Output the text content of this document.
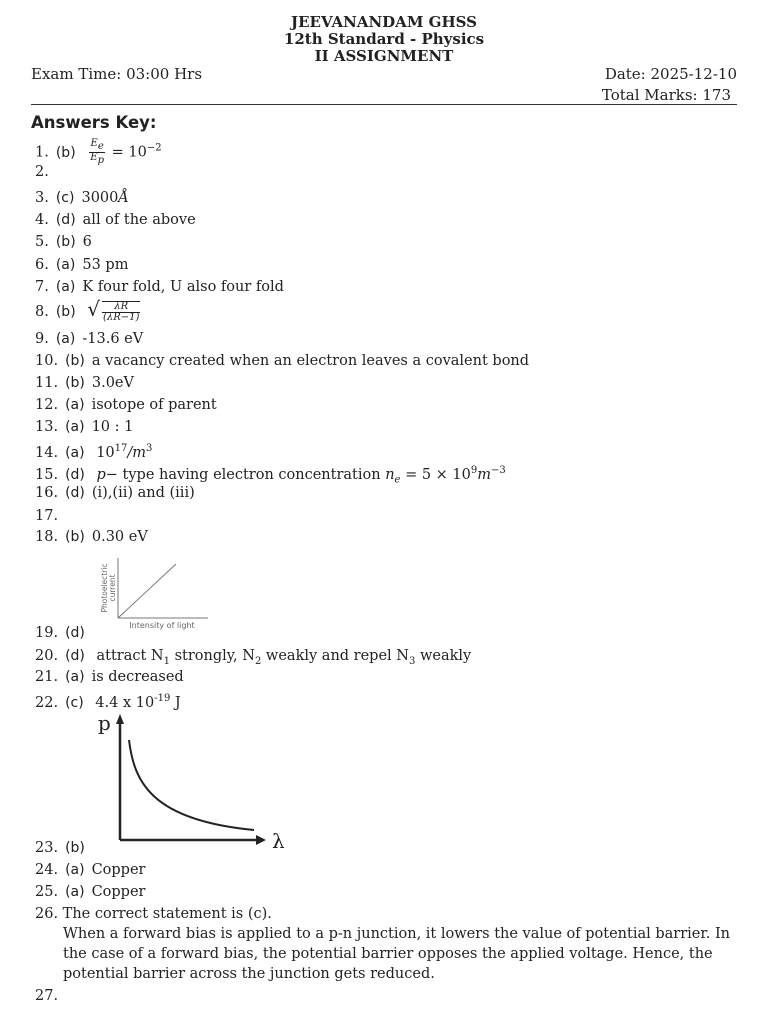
JEEVANANDAM GHSS
12th Standard - Physics
II ASSIGNMENT
Exam Time: 03:00 Hrs	Date: 2025-12-10
Total Marks: 173
Answers Key:
1. $(b) \frac{E_e}{E_p} = 10^{-2}$
2.
3. (c) 3000Å
4. (d) all of the above
5. (b) 6
6. (a) 53 pm
7. (a) K four fold, U also four fold
8. (b) √ $\frac{\lambda R}{(\lambda R-1)}$
9. (a) -13.6 eV
10. (b) a vacancy created when an electron leaves a covalent bond
11. (b) 3.0eV
12. (a) isotope of parent
13. (a) 10 : 1
14. (a) $10^{17}/m^3$
15. (d) p− type having electron concentration $n_e = 5 \times 10^9m^{-3}$
16. (d) (i),(ii) and (iii)
17.
18. (b) 0.30 eV
Photoelectric current
Intensity of light
19. (d)
20. (d) attract $N_1$ strongly, $N_2$ weakly and repel $N_3$ weakly
21. (a) is decreased
22. (c) 4.4 x $10^{-19}$ J
p
λ
23. (b)
24. (a) Copper
25. (a) Copper
26. The correct statement is (c).
When a forward bias is applied to a p-n junction, it lowers the value of potential barrier. In the case of a forward bias, the potential barrier opposes the applied voltage. Hence, the potential barrier across the junction gets reduced.
27.
